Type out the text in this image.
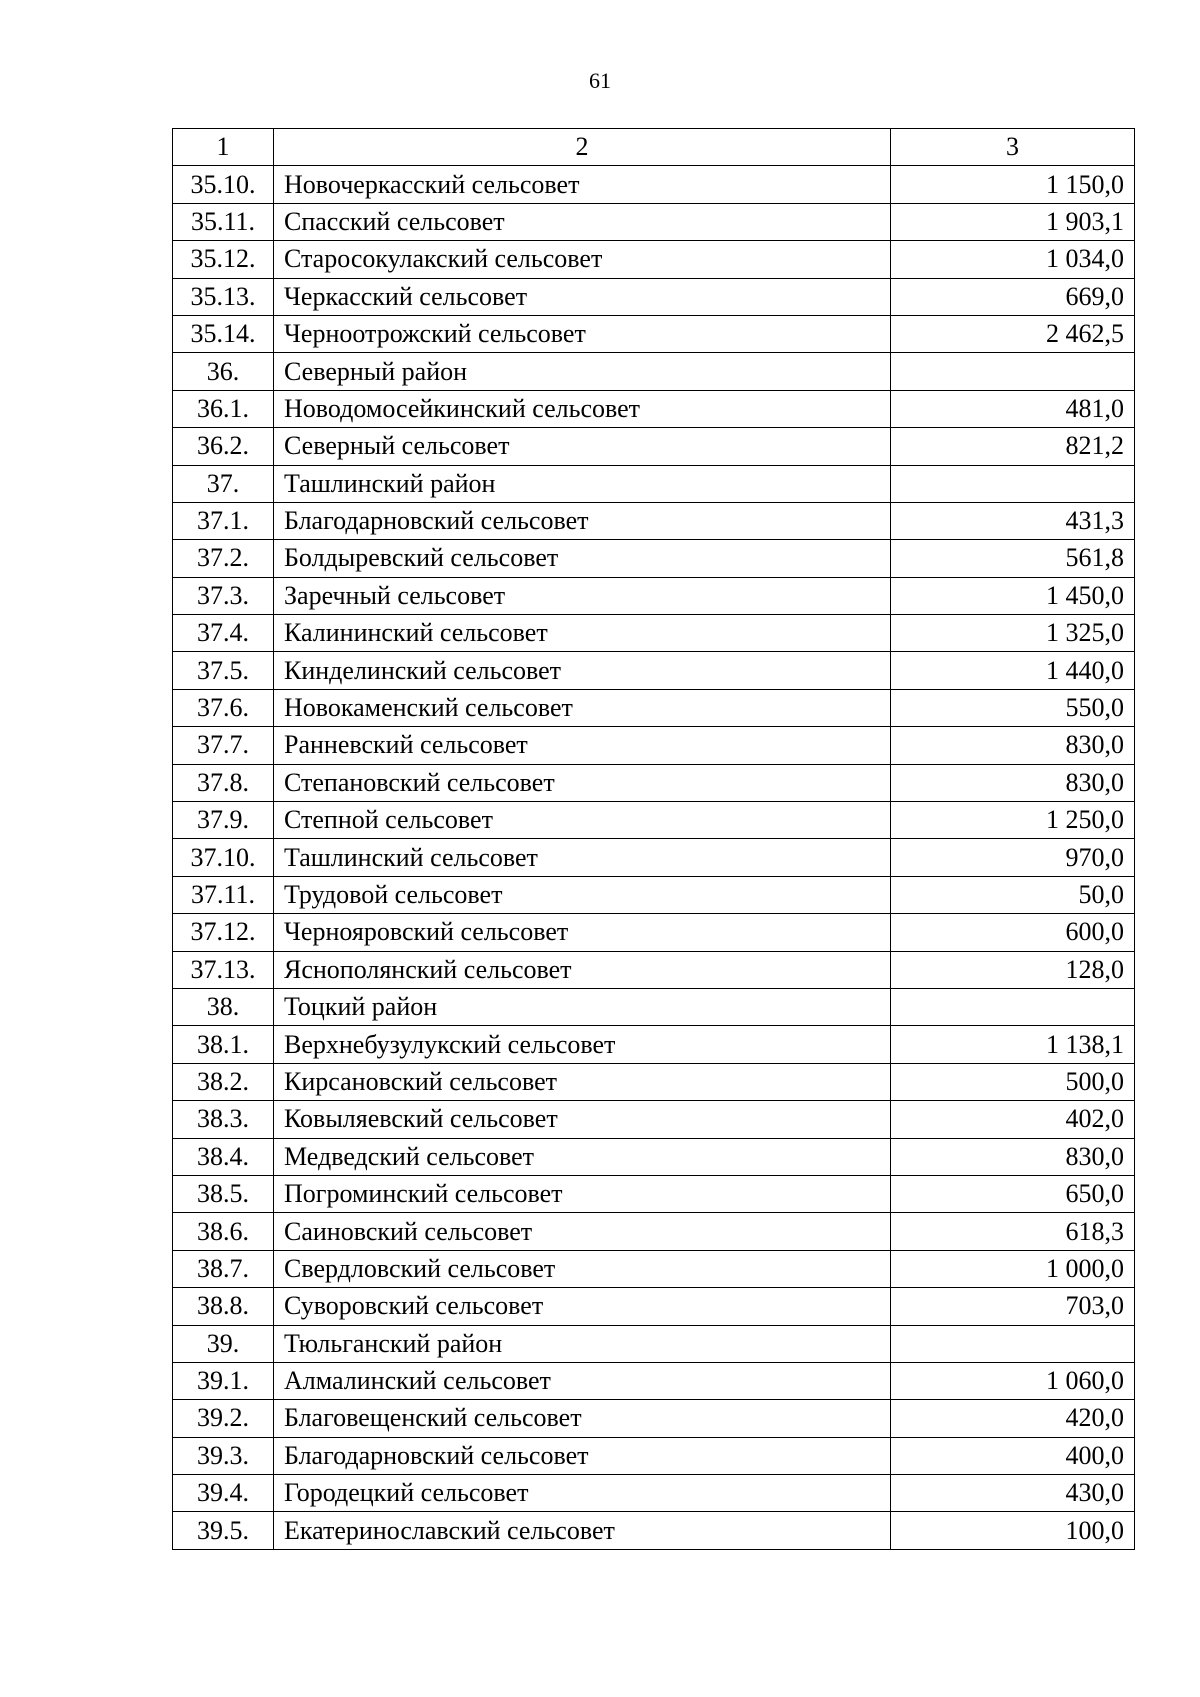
61
1	2	3
35.10.	Новочеркасский сельсовет	1 150,0
35.11.	Спасский сельсовет	1 903,1
35.12.	Старосокулакский сельсовет	1 034,0
35.13.	Черкасский сельсовет	669,0
35.14.	Черноотрожский сельсовет	2 462,5
36.	Северный район	
36.1.	Новодомосейкинский сельсовет	481,0
36.2.	Северный сельсовет	821,2
37.	Ташлинский район	
37.1.	Благодарновский сельсовет	431,3
37.2.	Болдыревский сельсовет	561,8
37.3.	Заречный сельсовет	1 450,0
37.4.	Калининский сельсовет	1 325,0
37.5.	Кинделинский сельсовет	1 440,0
37.6.	Новокаменский сельсовет	550,0
37.7.	Ранневский сельсовет	830,0
37.8.	Степановский сельсовет	830,0
37.9.	Степной сельсовет	1 250,0
37.10.	Ташлинский сельсовет	970,0
37.11.	Трудовой сельсовет	50,0
37.12.	Чернояровский сельсовет	600,0
37.13.	Яснополянский сельсовет	128,0
38.	Тоцкий район	
38.1.	Верхнебузулукский сельсовет	1 138,1
38.2.	Кирсановский сельсовет	500,0
38.3.	Ковыляевский сельсовет	402,0
38.4.	Медведский сельсовет	830,0
38.5.	Погроминский сельсовет	650,0
38.6.	Саиновский сельсовет	618,3
38.7.	Свердловский сельсовет	1 000,0
38.8.	Суворовский сельсовет	703,0
39.	Тюльганский район	
39.1.	Алмалинский сельсовет	1 060,0
39.2.	Благовещенский сельсовет	420,0
39.3.	Благодарновский сельсовет	400,0
39.4.	Городецкий сельсовет	430,0
39.5.	Екатеринославский сельсовет	100,0
